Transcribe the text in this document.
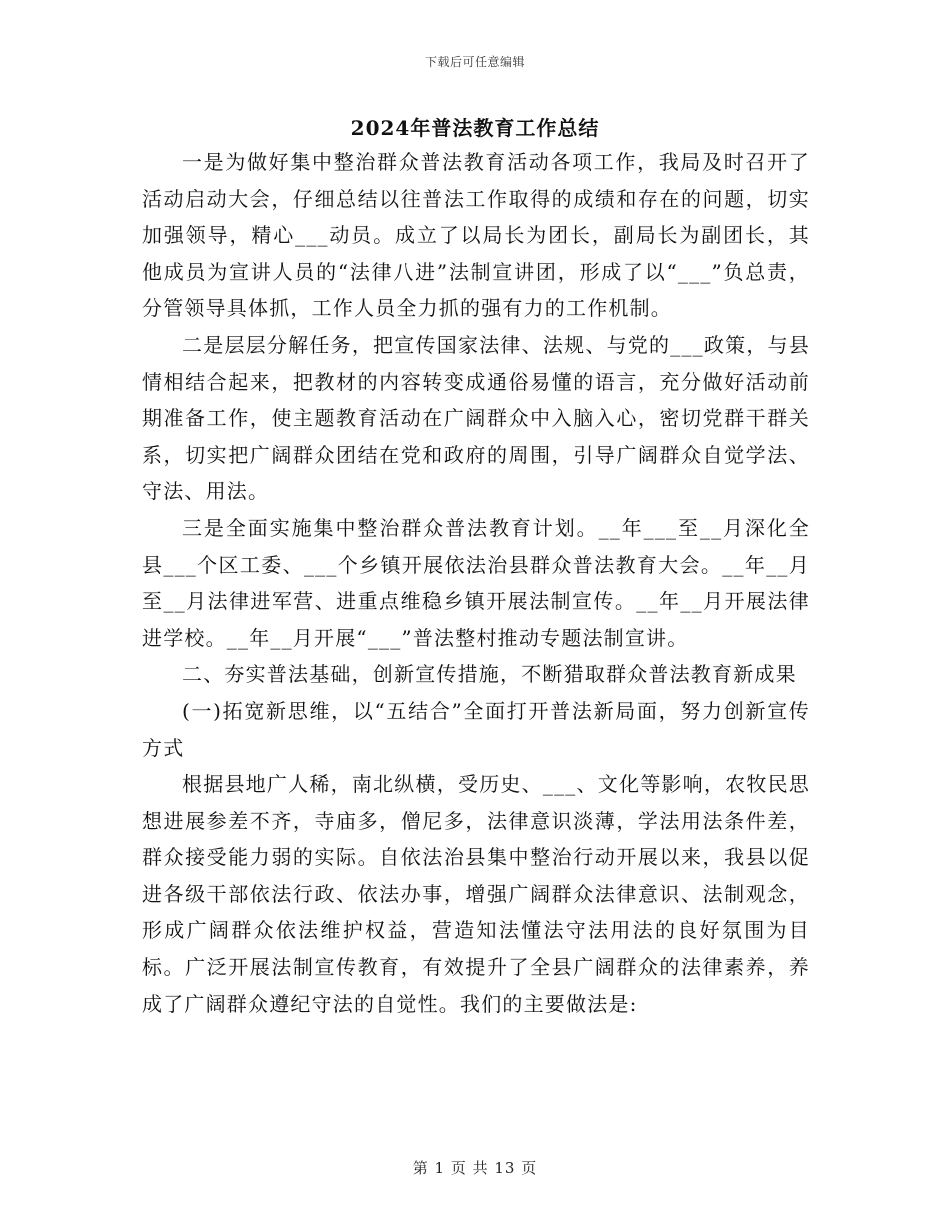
下载后可任意编辑
2024年普法教育工作总结

一是为做好集中整治群众普法教育活动各项工作，我局及时召开了活动启动大会，仔细总结以往普法工作取得的成绩和存在的问题，切实加强领导，精心___动员。成立了以局长为团长，副局长为副团长，其他成员为宣讲人员的“法律八进”法制宣讲团，形成了以“___”负总责，分管领导具体抓，工作人员全力抓的强有力的工作机制。

二是层层分解任务，把宣传国家法律、法规、与党的___政策，与县情相结合起来，把教材的内容转变成通俗易懂的语言，充分做好活动前期准备工作，使主题教育活动在广阔群众中入脑入心，密切党群干群关系，切实把广阔群众团结在党和政府的周围，引导广阔群众自觉学法、守法、用法。

三是全面实施集中整治群众普法教育计划。__年___至__月深化全县___个区工委、___个乡镇开展依法治县群众普法教育大会。__年__月至__月法律进军营、进重点维稳乡镇开展法制宣传。__年__月开展法律进学校。__年__月开展“___”普法整村推动专题法制宣讲。

二、夯实普法基础，创新宣传措施，不断猎取群众普法教育新成果

(一)拓宽新思维，以“五结合”全面打开普法新局面，努力创新宣传方式

根据县地广人稀，南北纵横，受历史、___、文化等影响，农牧民思想进展参差不齐，寺庙多，僧尼多，法律意识淡薄，学法用法条件差，群众接受能力弱的实际。自依法治县集中整治行动开展以来，我县以促进各级干部依法行政、依法办事，增强广阔群众法律意识、法制观念，形成广阔群众依法维护权益，营造知法懂法守法用法的良好氛围为目标。广泛开展法制宣传教育，有效提升了全县广阔群众的法律素养，养成了广阔群众遵纪守法的自觉性。我们的主要做法是:

第 1 页 共 13 页
